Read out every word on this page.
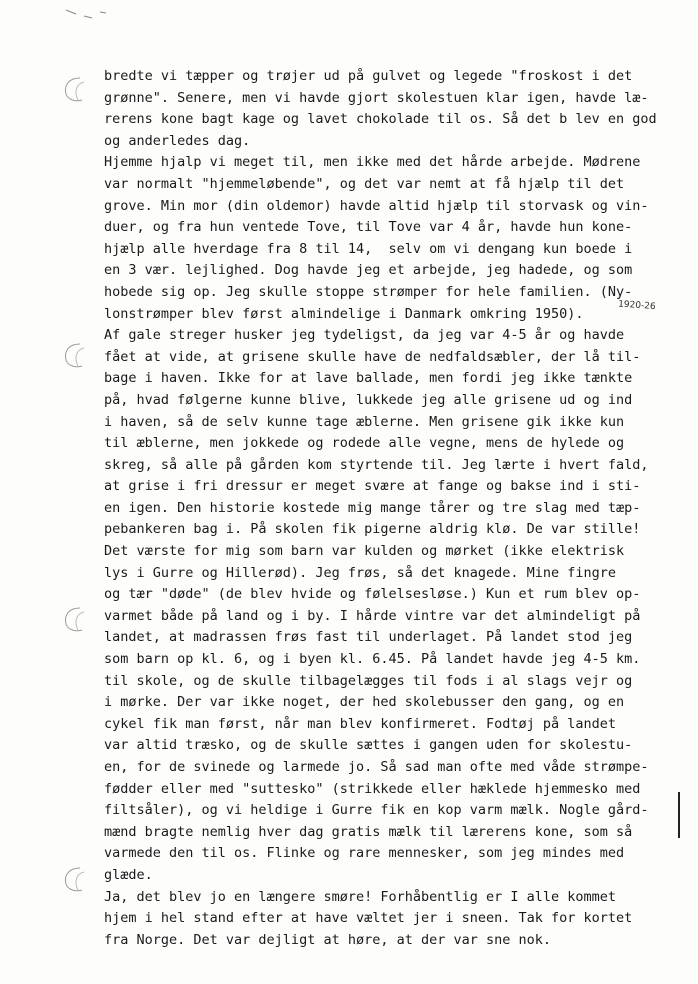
1920-26
bredte vi tæpper og trøjer ud på gulvet og legede "froskost i det
grønne". Senere, men vi havde gjort skolestuen klar igen, havde læ-
rerens kone bagt kage og lavet chokolade til os. Så det b lev en god
og anderledes dag.
Hjemme hjalp vi meget til, men ikke med det hårde arbejde. Mødrene
var normalt "hjemmeløbende", og det var nemt at få hjælp til det
grove. Min mor (din oldemor) havde altid hjælp til storvask og vin-
duer, og fra hun ventede Tove, til Tove var 4 år, havde hun kone-
hjælp alle hverdage fra 8 til 14,  selv om vi dengang kun boede i
en 3 vær. lejlighed. Dog havde jeg et arbejde, jeg hadede, og som
hobede sig op. Jeg skulle stoppe strømper for hele familien. (Ny-
lonstrømper blev først almindelige i Danmark omkring 1950).
Af gale streger husker jeg tydeligst, da jeg var 4-5 år og havde
fået at vide, at grisene skulle have de nedfaldsæbler, der lå til-
bage i haven. Ikke for at lave ballade, men fordi jeg ikke tænkte
på, hvad følgerne kunne blive, lukkede jeg alle grisene ud og ind
i haven, så de selv kunne tage æblerne. Men grisene gik ikke kun
til æblerne, men jokkede og rodede alle vegne, mens de hylede og
skreg, så alle på gården kom styrtende til. Jeg lærte i hvert fald,
at grise i fri dressur er meget svære at fange og bakse ind i sti-
en igen. Den historie kostede mig mange tårer og tre slag med tæp-
pebankeren bag i. På skolen fik pigerne aldrig klø. De var stille!
Det værste for mig som barn var kulden og mørket (ikke elektrisk
lys i Gurre og Hillerød). Jeg frøs, så det knagede. Mine fingre
og tær "døde" (de blev hvide og følelsesløse.) Kun et rum blev op-
varmet både på land og i by. I hårde vintre var det almindeligt på
landet, at madrassen frøs fast til underlaget. På landet stod jeg
som barn op kl. 6, og i byen kl. 6.45. På landet havde jeg 4-5 km.
til skole, og de skulle tilbagelægges til fods i al slags vejr og
i mørke. Der var ikke noget, der hed skolebusser den gang, og en
cykel fik man først, når man blev konfirmeret. Fodtøj på landet
var altid træsko, og de skulle sættes i gangen uden for skolestu-
en, for de svinede og larmede jo. Så sad man ofte med våde strømpe-
fødder eller med "suttesko" (strikkede eller hæklede hjemmesko med
filtsåler), og vi heldige i Gurre fik en kop varm mælk. Nogle gård-
mænd bragte nemlig hver dag gratis mælk til lærerens kone, som så
varmede den til os. Flinke og rare mennesker, som jeg mindes med
glæde.
Ja, det blev jo en længere smøre! Forhåbentlig er I alle kommet
hjem i hel stand efter at have væltet jer i sneen. Tak for kortet
fra Norge. Det var dejligt at høre, at der var sne nok.
